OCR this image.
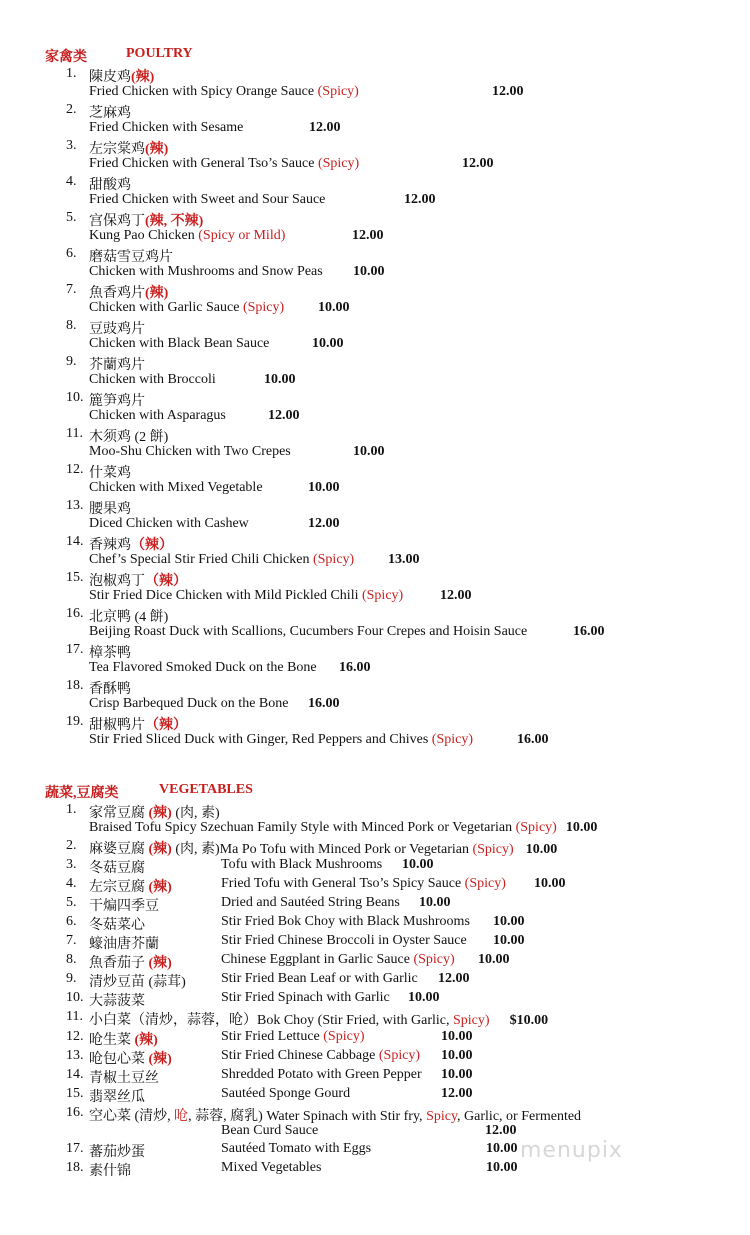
家禽类	POULTRY
1. 陳皮鸡(辣)
Fried Chicken with Spicy Orange Sauce (Spicy)	12.00
2. 芝麻鸡
Fried Chicken with Sesame	12.00
3. 左宗棠鸡(辣)
Fried Chicken with General Tso’s Sauce (Spicy)	12.00
4. 甜酸鸡
Fried Chicken with Sweet and Sour Sauce	12.00
5. 宫保鸡丁(辣, 不辣)
Kung Pao Chicken (Spicy or Mild)	12.00
6. 磨菇雪豆鸡片
Chicken with Mushrooms and Snow Peas 10.00
7. 魚香鸡片(辣)
Chicken with Garlic Sauce (Spicy) 10.00
8. 豆豉鸡片
Chicken with Black Bean Sauce	10.00
9. 芥蘭鸡片
Chicken with Broccoli	10.00
10. 簏笋鸡片
Chicken with Asparagus	12.00
11. 木须鸡 (2 餅)
Moo-Shu Chicken with Two Crepes	10.00
12. 什菜鸡
Chicken with Mixed Vegetable	10.00
13. 腰果鸡
Diced Chicken with Cashew	12.00
14. 香辣鸡（辣）
Chef’s Special Stir Fried Chili Chicken (Spicy) 13.00
15. 泡椒鸡丁（辣）
Stir Fried Dice Chicken with Mild Pickled Chili (Spicy)	12.00
16. 北京鸭 (4 餅)
Beijing Roast Duck with Scallions, Cucumbers Four Crepes and Hoisin Sauce	16.00
17. 樟茶鸭
Tea Flavored Smoked Duck on the Bone 16.00
18. 香酥鸭
Crisp Barbequed Duck on the Bone 16.00
19. 甜椒鸭片（辣）
Stir Fried Sliced Duck with Ginger, Red Peppers and Chives (Spicy)	16.00
蔬菜,豆腐类	VEGETABLES
1. 家常豆腐 (辣) (肉, 素)
Braised Tofu Spicy Szechuan Family Style with Minced Pork or Vegetarian (Spicy) 10.00
2. 麻婆豆腐 (辣) (肉, 素)Ma Po Tofu with Minced Pork or Vegetarian (Spicy) 10.00
3. 冬菇豆腐	Tofu with Black Mushrooms 10.00
4. 左宗豆腐 (辣)	Fried Tofu with General Tso’s Spicy Sauce (Spicy) 10.00
5. 干煸四季豆	Dried and Sautéed String Beans 10.00
6. 冬菇菜心	Stir Fried Bok Choy with Black Mushrooms 10.00
7. 蠔油唐芥蘭	Stir Fried Chinese Broccoli in Oyster Sauce 10.00
8. 魚香茄子 (辣)	Chinese Eggplant in Garlic Sauce (Spicy) 10.00
9. 清炒豆苗 (蒜茸)	Stir Fried Bean Leaf or with Garlic 12.00
10. 大蒜菠菜	Stir Fried Spinach with Garlic 10.00
11. 小白菜（清炒，蒜蓉，呛）Bok Choy (Stir Fried, with Garlic, Spicy) $10.00
12. 呛生菜 (辣)	Stir Fried Lettuce (Spicy)	10.00
13. 呛包心菜 (辣)	Stir Fried Chinese Cabbage (Spicy) 10.00
14. 青椒土豆丝	Shredded Potato with Green Pepper 10.00
15. 翡翠丝瓜	Sautéed Sponge Gourd	12.00
16. 空心菜 (清炒, 呛, 蒜蓉, 腐乳) Water Spinach with Stir fry, Spicy, Garlic, or Fermented
Bean Curd Sauce	12.00
17. 蕃茄炒蛋	Sautéed Tomato with Eggs	10.00
18. 素什锦	Mixed Vegetables	10.00
menupix
